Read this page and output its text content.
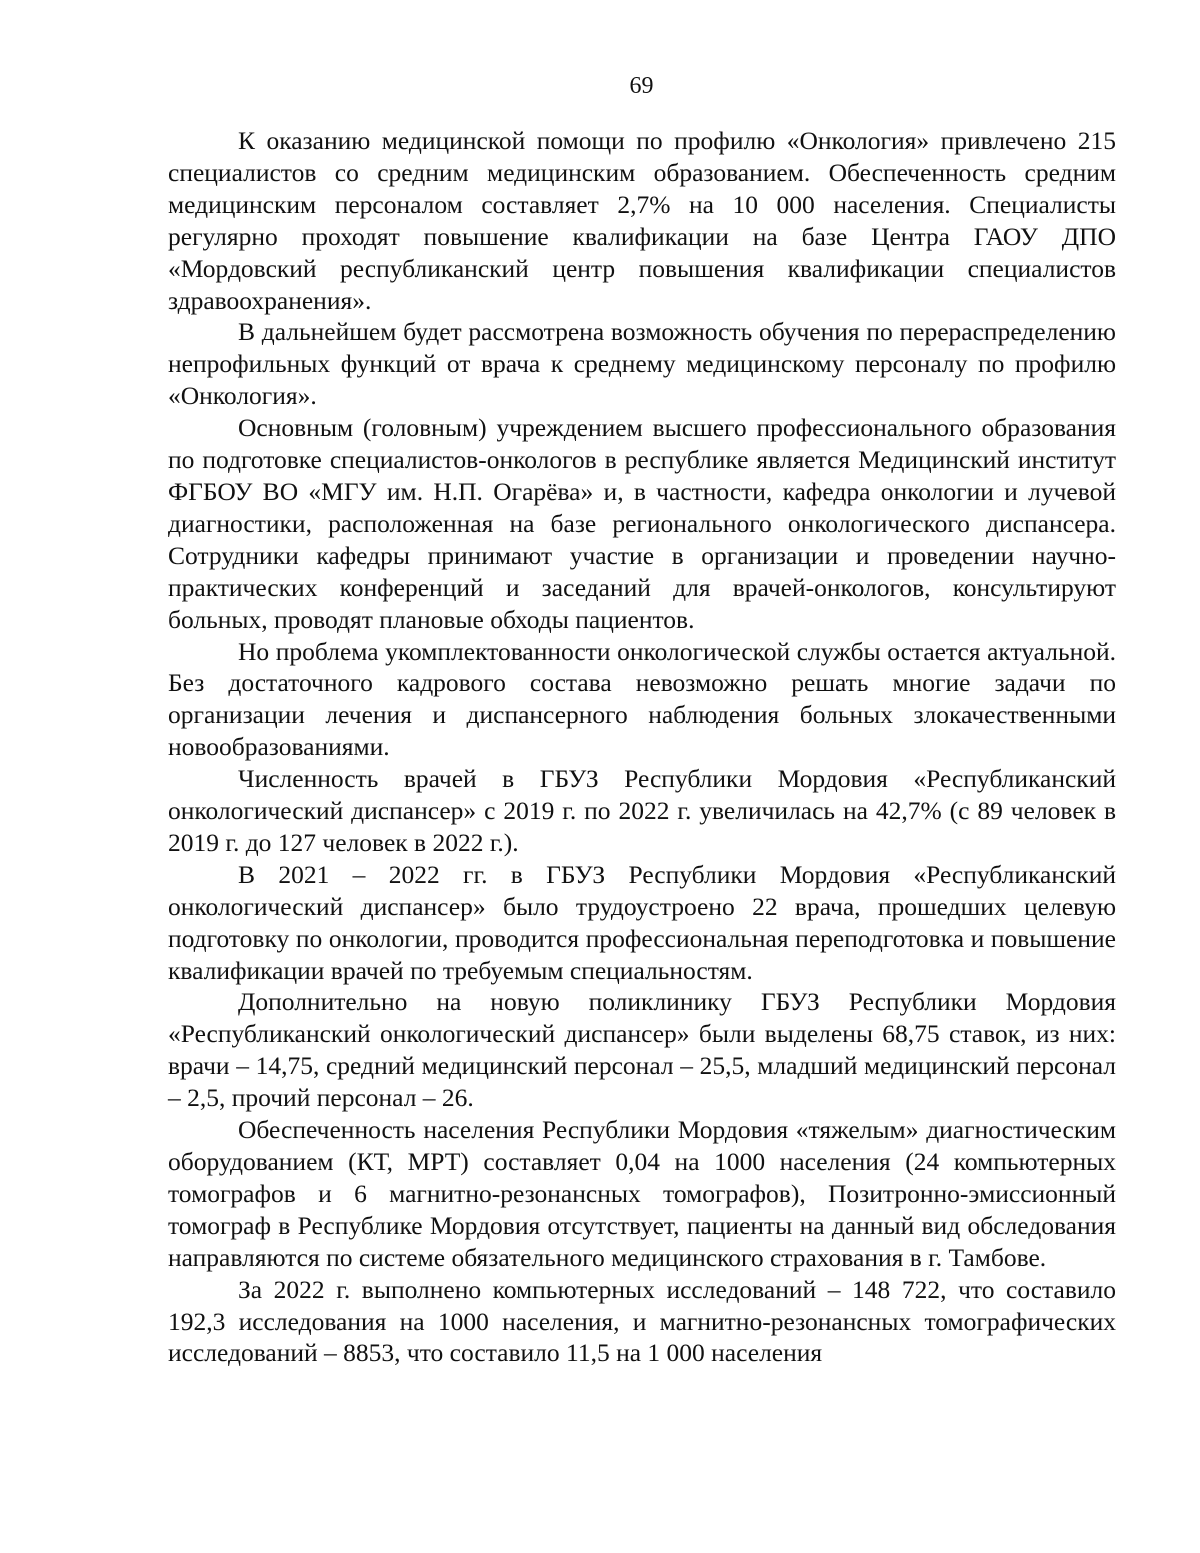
69

К оказанию медицинской помощи по профилю «Онкология» привлечено 215 специалистов со средним медицинским образованием. Обеспеченность средним медицинским персоналом составляет 2,7% на 10 000 населения. Специалисты регулярно проходят повышение квалификации на базе Центра ГАОУ ДПО «Мордовский республиканский центр повышения квалификации специалистов здравоохранения».

В дальнейшем будет рассмотрена возможность обучения по перераспределению непрофильных функций от врача к среднему медицинскому персоналу по профилю «Онкология».

Основным (головным) учреждением высшего профессионального образования по подготовке специалистов-онкологов в республике является Медицинский институт ФГБОУ ВО «МГУ им. Н.П. Огарёва» и, в частности, кафедра онкологии и лучевой диагностики, расположенная на базе регионального онкологического диспансера. Сотрудники кафедры принимают участие в организации и проведении научно-практических конференций и заседаний для врачей-онкологов, консультируют больных, проводят плановые обходы пациентов.

Но проблема укомплектованности онкологической службы остается актуальной. Без достаточного кадрового состава невозможно решать многие задачи по организации лечения и диспансерного наблюдения больных злокачественными новообразованиями.

Численность врачей в ГБУЗ Республики Мордовия «Республиканский онкологический диспансер» с 2019 г. по 2022 г. увеличилась на 42,7% (с 89 человек в 2019 г. до 127 человек в 2022 г.).

В 2021 – 2022 гг. в ГБУЗ Республики Мордовия «Республиканский онкологический диспансер» было трудоустроено 22 врача, прошедших целевую подготовку по онкологии, проводится профессиональная переподготовка и повышение квалификации врачей по требуемым специальностям.

Дополнительно на новую поликлинику ГБУЗ Республики Мордовия «Республиканский онкологический диспансер» были выделены 68,75 ставок, из них: врачи – 14,75, средний медицинский персонал – 25,5, младший медицинский персонал – 2,5, прочий персонал – 26.

Обеспеченность населения Республики Мордовия «тяжелым» диагностическим оборудованием (КТ, МРТ) составляет 0,04 на 1000 населения (24 компьютерных томографов и 6 магнитно-резонансных томографов), Позитронно-эмиссионный томограф в Республике Мордовия отсутствует, пациенты на данный вид обследования направляются по системе обязательного медицинского страхования в г. Тамбове.

За 2022 г. выполнено компьютерных исследований – 148 722, что составило 192,3 исследования на 1000 населения, и магнитно-резонансных томографических исследований – 8853, что составило 11,5 на 1 000 населения
